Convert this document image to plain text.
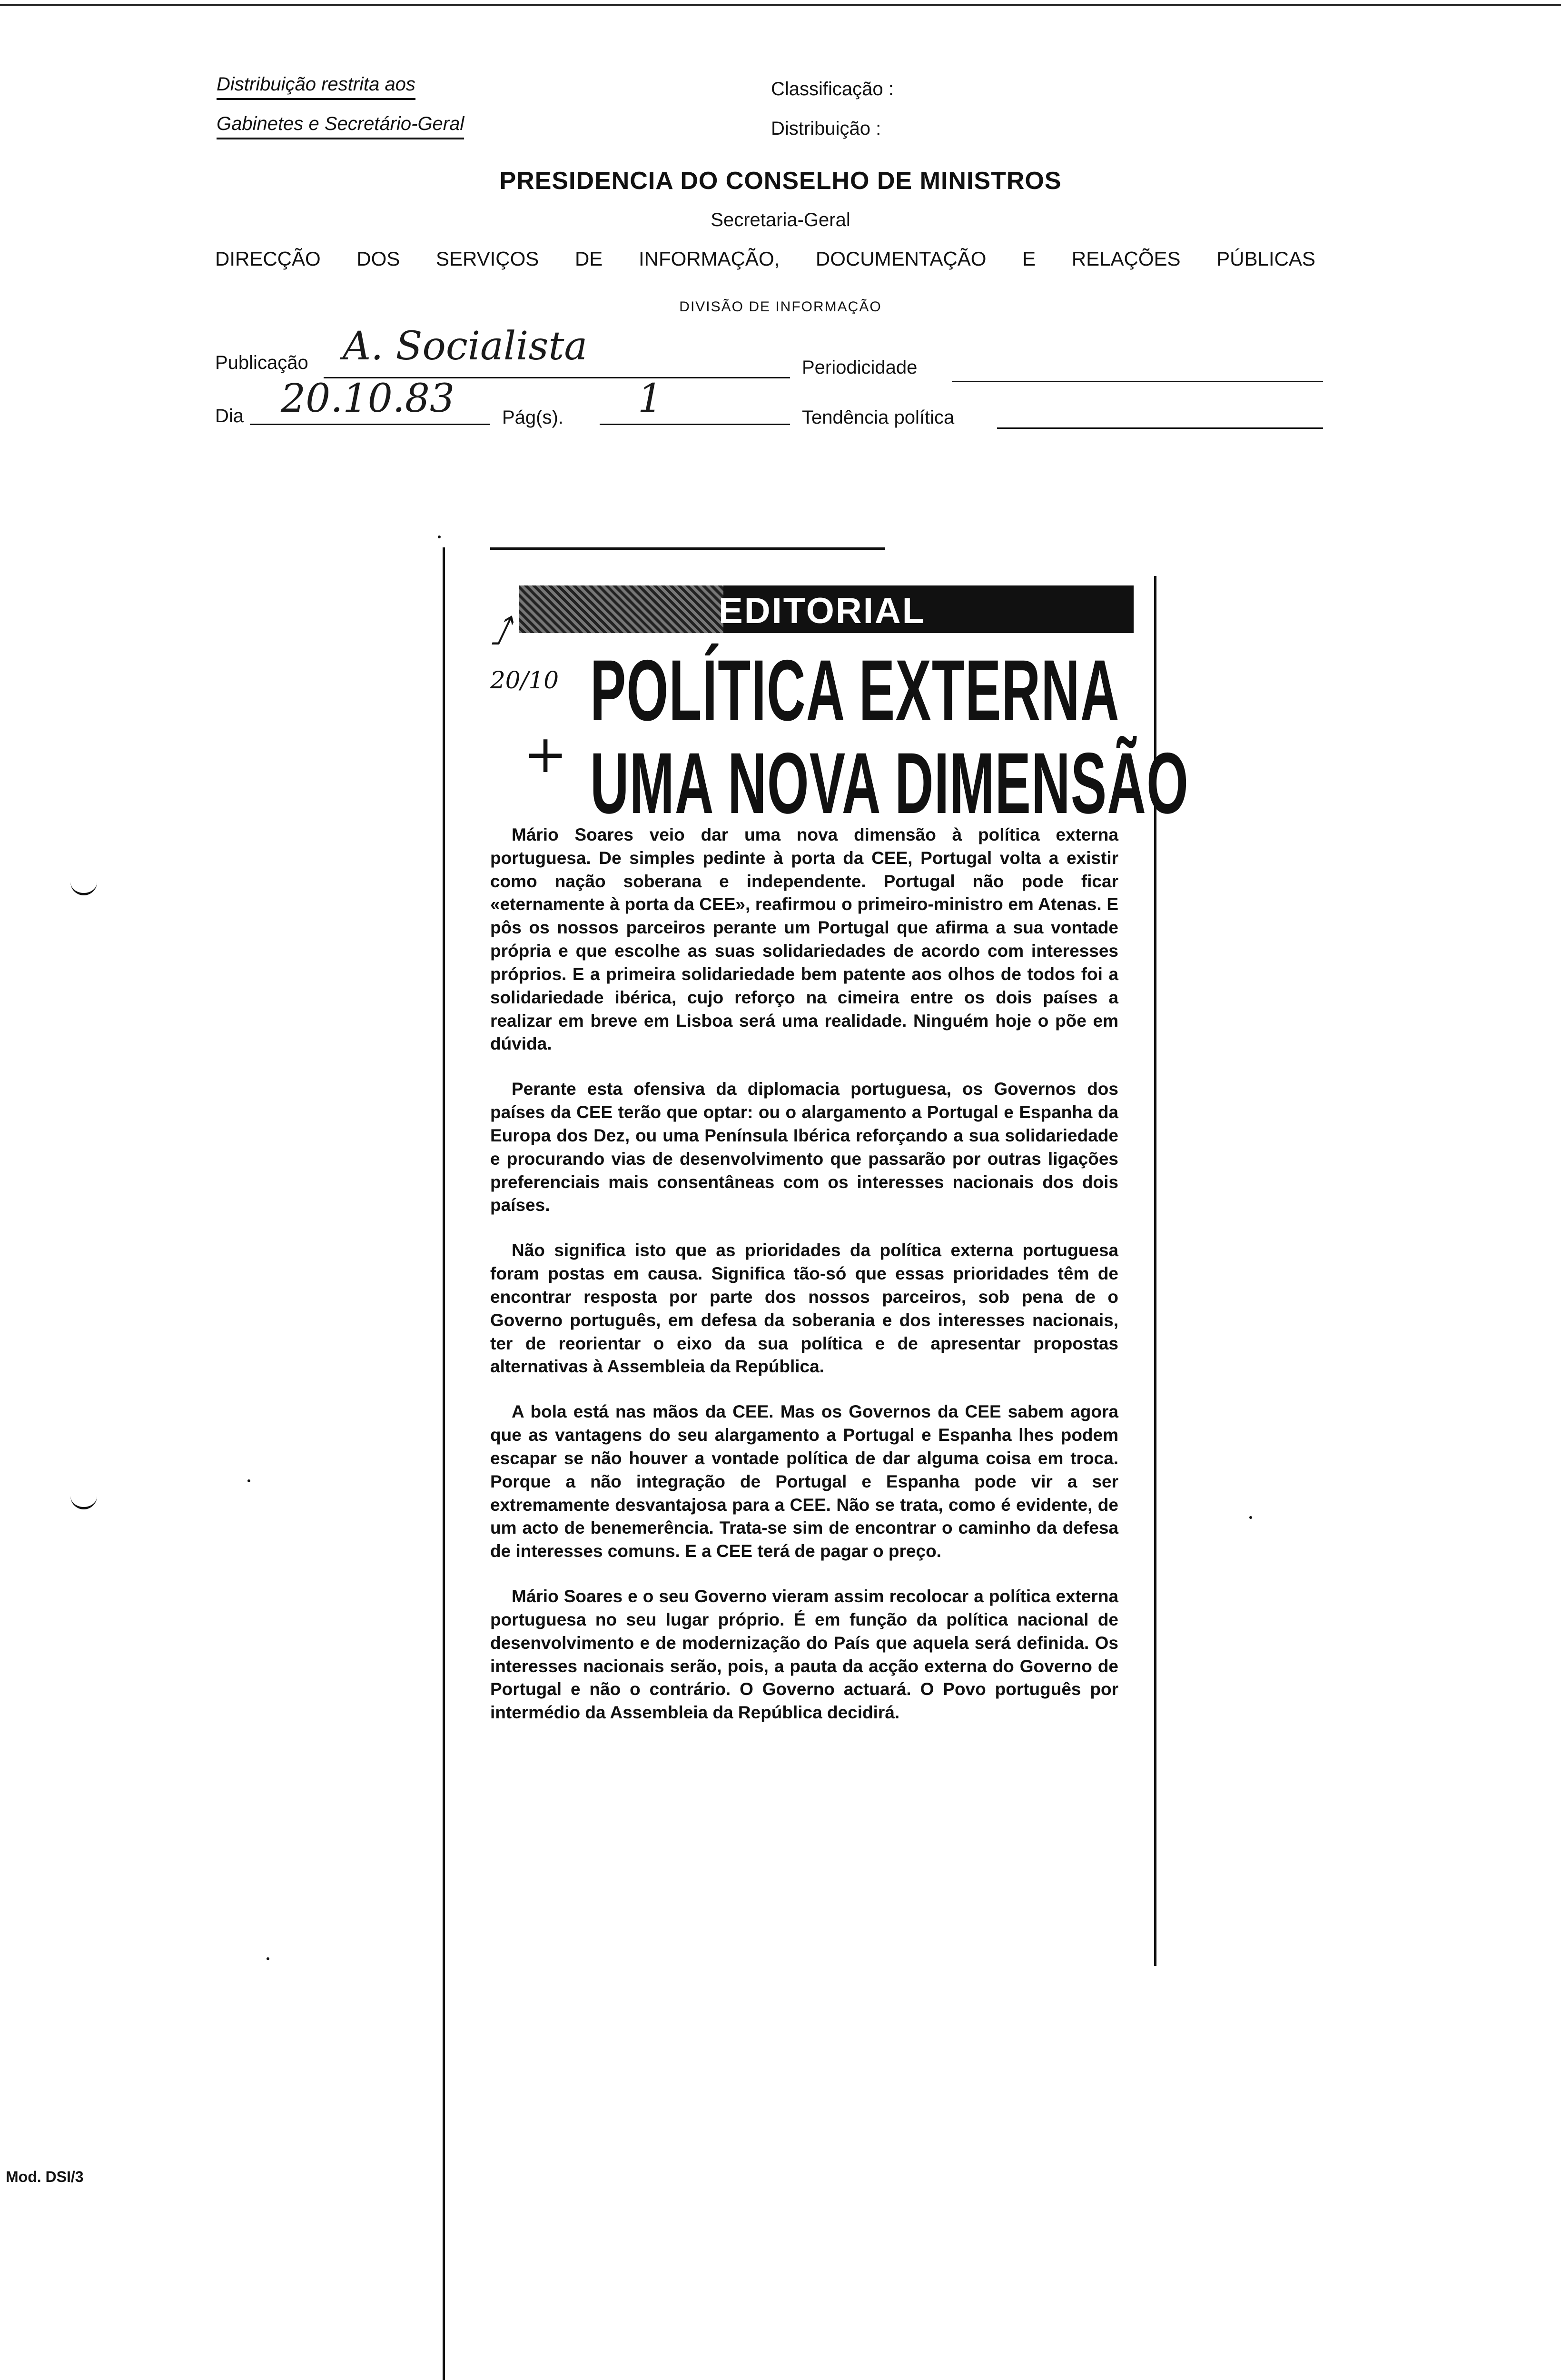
Distribuição restrita aos
Gabinetes e Secretário-Geral
Classificação :
Distribuição :
PRESIDENCIA DO CONSELHO DE MINISTROS
Secretaria-Geral
DIRECÇÃO DOS SERVIÇOS DE INFORMAÇÃO, DOCUMENTAÇÃO E RELAÇÕES PÚBLICAS
DIVISÃO DE INFORMAÇÃO
Publicação A. Socialista	Periodicidade
Dia 20.10.83 Pág(s). 1	Tendência política
EDITORIAL
⭜
20/10
+
POLÍTICA EXTERNA
UMA NOVA DIMENSÃO

Mário Soares veio dar uma nova dimensão à política externa portuguesa. De simples pedinte à porta da CEE, Portugal volta a existir como nação soberana e independente. Portugal não pode ficar «eternamente à porta da CEE», reafirmou o primeiro-ministro em Atenas. E pôs os nossos parceiros perante um Portugal que afirma a sua vontade própria e que escolhe as suas solidariedades de acordo com interesses próprios. E a primeira solidariedade bem patente aos olhos de todos foi a solidariedade ibérica, cujo reforço na cimeira entre os dois países a realizar em breve em Lisboa será uma realidade. Ninguém hoje o põe em dúvida.

Perante esta ofensiva da diplomacia portuguesa, os Governos dos países da CEE terão que optar: ou o alargamento a Portugal e Espanha da Europa dos Dez, ou uma Península Ibérica reforçando a sua solidariedade e procurando vias de desenvolvimento que passarão por outras ligações preferenciais mais consentâneas com os interesses nacionais dos dois países.

Não significa isto que as prioridades da política externa portuguesa foram postas em causa. Significa tão-só que essas prioridades têm de encontrar resposta por parte dos nossos parceiros, sob pena de o Governo português, em defesa da soberania e dos interesses nacionais, ter de reorientar o eixo da sua política e de apresentar propostas alternativas à Assembleia da República.

A bola está nas mãos da CEE. Mas os Governos da CEE sabem agora que as vantagens do seu alargamento a Portugal e Espanha lhes podem escapar se não houver a vontade política de dar alguma coisa em troca. Porque a não integração de Portugal e Espanha pode vir a ser extremamente desvantajosa para a CEE. Não se trata, como é evidente, de um acto de benemerência. Trata-se sim de encontrar o caminho da defesa de interesses comuns. E a CEE terá de pagar o preço.

Mário Soares e o seu Governo vieram assim recolocar a política externa portuguesa no seu lugar próprio. É em função da política nacional de desenvolvimento e de modernização do País que aquela será definida. Os interesses nacionais serão, pois, a pauta da acção externa do Governo de Portugal e não o contrário. O Governo actuará. O Povo português por intermédio da Assembleia da República decidirá.

Mod. DSI/3
